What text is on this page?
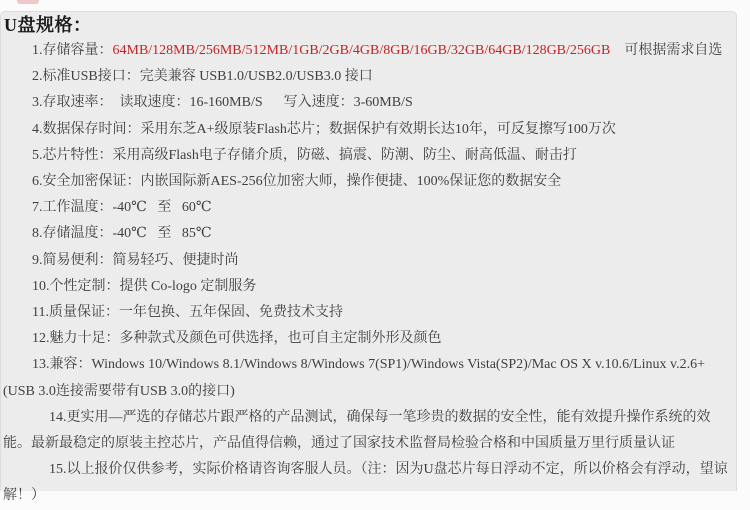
U盘规格：

1.存储容量：64MB/128MB/256MB/512MB/1GB/2GB/4GB/8GB/16GB/32GB/64GB/128GB/256GB　可根据需求自选

2.标准USB接口：完美兼容 USB1.0/USB2.0/USB3.0 接口

3.存取速率：  读取速度：16-160MB/S      写入速度：3-60MB/S

4.数据保存时间：采用东芝A+级原装Flash芯片；数据保护有效期长达10年，可反复擦写100万次

5.芯片特性：采用高级Flash电子存储介质，防磁、搞震、防潮、防尘、耐高低温、耐击打

6.安全加密保证：内嵌国际新AES-256位加密大师，操作便捷、100%保证您的数据安全

7.工作温度：-40℃   至   60℃

8.存储温度：-40℃   至   85℃

9.简易便利：简易轻巧、便捷时尚

10.个性定制：提供 Co-logo 定制服务

11.质量保证：一年包换、五年保固、免费技术支持

12.魅力十足：多种款式及颜色可供选择，也可自主定制外形及颜色

13.兼容：Windows 10/Windows 8.1/Windows 8/Windows 7(SP1)/Windows Vista(SP2)/Mac OS X v.10.6/Linux v.2.6+ (USB 3.0连接需要带有USB 3.0的接口)

14.更实用—严选的存储芯片跟严格的产品测试，确保每一笔珍贵的数据的安全性，能有效提升操作系统的效能。最新最稳定的原装主控芯片，产品值得信赖，通过了国家技术监督局检验合格和中国质量万里行质量认证

15.以上报价仅供参考，实际价格请咨询客服人员。（注：因为U盘芯片每日浮动不定，所以价格会有浮动，望谅解！）
